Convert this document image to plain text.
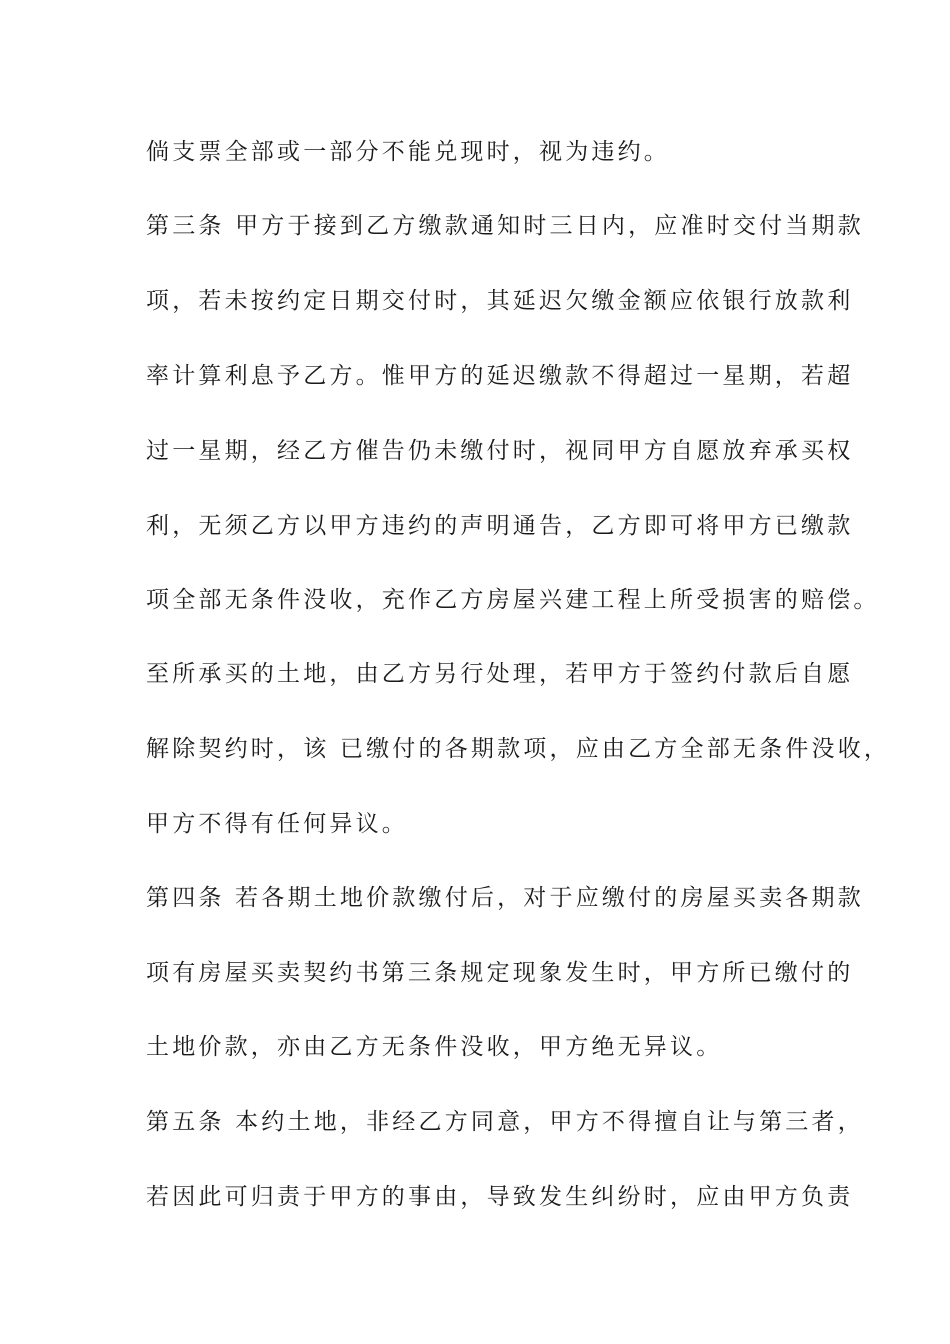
倘支票全部或一部分不能兑现时，视为违约。
第三条 甲方于接到乙方缴款通知时三日内，应准时交付当期款
项，若未按约定日期交付时，其延迟欠缴金额应依银行放款利
率计算利息予乙方。惟甲方的延迟缴款不得超过一星期，若超
过一星期，经乙方催告仍未缴付时，视同甲方自愿放弃承买权
利，无须乙方以甲方违约的声明通告，乙方即可将甲方已缴款
项全部无条件没收，充作乙方房屋兴建工程上所受损害的赔偿。
至所承买的土地，由乙方另行处理，若甲方于签约付款后自愿
解除契约时，该 已缴付的各期款项，应由乙方全部无条件没收，
甲方不得有任何异议。
第四条 若各期土地价款缴付后，对于应缴付的房屋买卖各期款
项有房屋买卖契约书第三条规定现象发生时，甲方所已缴付的
土地价款，亦由乙方无条件没收，甲方绝无异议。
第五条 本约土地，非经乙方同意，甲方不得擅自让与第三者，
若因此可归责于甲方的事由，导致发生纠纷时，应由甲方负责
